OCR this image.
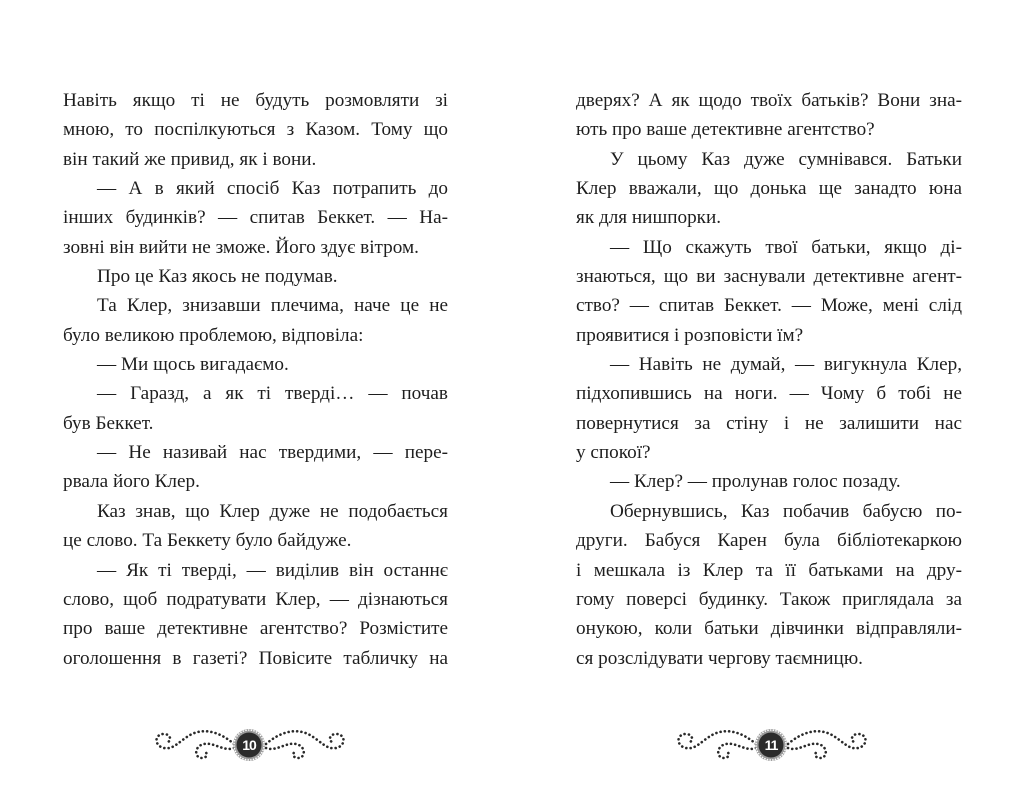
Навіть якщо ті не будуть розмовляти зі
мною, то поспілкуються з Казом. Тому що
він такий же привид, як і вони.
— А в який спосіб Каз потрапить до
інших будинків? — спитав Беккет. — На-
зовні він вийти не зможе. Його здує вітром.
Про це Каз якось не подумав.
Та Клер, знизавши плечима, наче це не
було великою проблемою, відповіла:
— Ми щось вигадаємо.
— Гаразд, а як ті тверді… — почав
був Беккет.
— Не називай нас твердими, — пере-
рвала його Клер.
Каз знав, що Клер дуже не подобається
це слово. Та Беккету було байдуже.
— Як ті тверді, — виділив він останнє
слово, щоб подратувати Клер, — дізнаються
про ваше детективне агентство? Розмістите
оголошення в газеті? Повісите табличку на
10
дверях? А як щодо твоїх батьків? Вони зна-
ють про ваше детективне агентство?
У цьому Каз дуже сумнівався. Батьки
Клер вважали, що донька ще занадто юна
як для нишпорки.
— Що скажуть твої батьки, якщо ді-
знаються, що ви заснували детективне агент-
ство? — спитав Беккет. — Може, мені слід
проявитися і розповісти їм?
— Навіть не думай, — вигукнула Клер,
підхопившись на ноги. — Чому б тобі не
повернутися за стіну і не залишити нас
у спокої?
— Клер? — пролунав голос позаду.
Обернувшись, Каз побачив бабусю по-
други. Бабуся Карен була бібліотекаркою
і мешкала із Клер та її батьками на дру-
гому поверсі будинку. Також приглядала за
онукою, коли батьки дівчинки відправляли-
ся розслідувати чергову таємницю.
11
